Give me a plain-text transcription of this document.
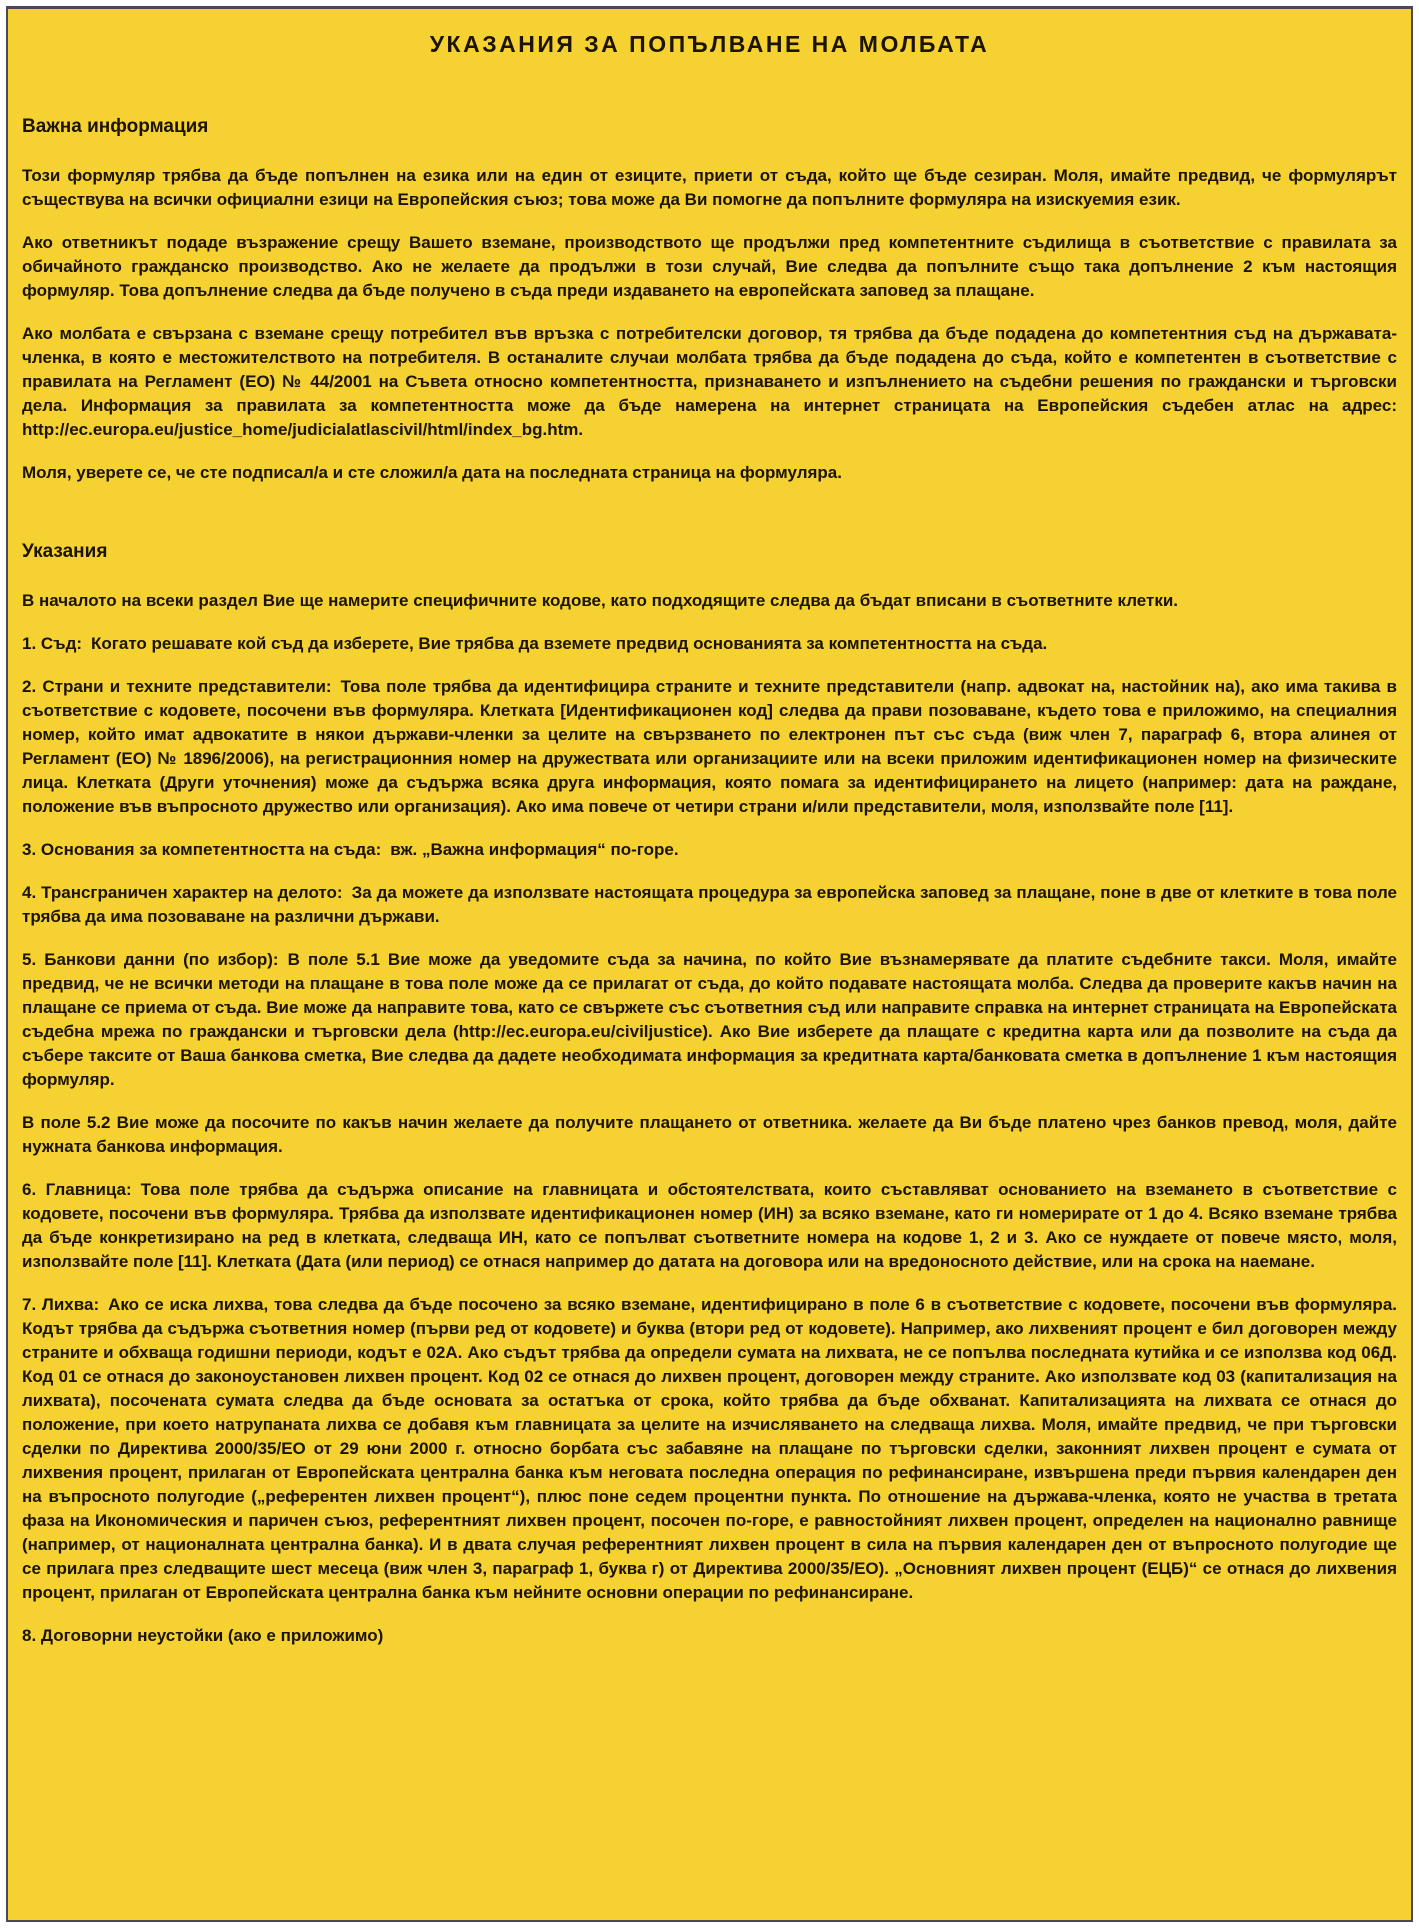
УКАЗАНИЯ ЗА ПОПЪЛВАНЕ НА МОЛБАТА
Важна информация

Този формуляр трябва да бъде попълнен на езика или на един от езиците, приети от съда, който ще бъде сезиран. Моля, имайте предвид, че формулярът съществува на всички официални езици на Европейския съюз; това може да Ви помогне да попълните формуляра на изискуемия език.

Ако ответникът подаде възражение срещу Вашето вземане, производството ще продължи пред компетентните съдилища в съответствие с правилата за обичайното гражданско производство. Ако не желаете да продължи в този случай, Вие следва да попълните също така допълнение 2 към настоящия формуляр. Това допълнение следва да бъде получено в съда преди издаването на европейската заповед за плащане.

Ако молбата е свързана с вземане срещу потребител във връзка с потребителски договор, тя трябва да бъде подадена до компетентния съд на държавата-членка, в която е местожителството на потребителя. В останалите случаи молбата трябва да бъде подадена до съда, който е компетентен в съответствие с правилата на Регламент (ЕО) № 44/2001 на Съвета относно компетентността, признаването и изпълнението на съдебни решения по граждански и търговски дела. Информация за правилата за компетентността може да бъде намерена на интернет страницата на Европейския съдебен атлас на адрес: http://ec.europa.eu/justice_home/judicialatlascivil/html/index_bg.htm.

Моля, уверете се, че сте подписал/а и сте сложил/а дата на последната страница на формуляра.

Указания

В началото на всеки раздел Вие ще намерите специфичните кодове, като подходящите следва да бъдат вписани в съответните клетки.

1. Съд: Когато решавате кой съд да изберете, Вие трябва да вземете предвид основанията за компетентността на съда.

2. Страни и техните представители: Това поле трябва да идентифицира страните и техните представители (напр. адвокат на, настойник на), ако има такива в съответствие с кодовете, посочени във формуляра. Клетката [Идентификационен код] следва да прави позоваване, където това е приложимо, на специалния номер, който имат адвокатите в някои държави-членки за целите на свързването по електронен път със съда (виж член 7, параграф 6, втора алинея от Регламент (ЕО) № 1896/2006), на регистрационния номер на дружествата или организациите или на всеки приложим идентификационен номер на физическите лица. Клетката (Други уточнения) може да съдържа всяка друга информация, която помага за идентифицирането на лицето (например: дата на раждане, положение във въпросното дружество или организация). Ако има повече от четири страни и/или представители, моля, използвайте поле [11].

3. Основания за компетентността на съда: вж. „Важна информация“ по-горе.

4. Трансграничен характер на делото: За да можете да използвате настоящата процедура за европейска заповед за плащане, поне в две от клетките в това поле трябва да има позоваване на различни държави.

5. Банкови данни (по избор): В поле 5.1 Вие може да уведомите съда за начина, по който Вие възнамерявате да платите съдебните такси. Моля, имайте предвид, че не всички методи на плащане в това поле може да се прилагат от съда, до който подавате настоящата молба. Следва да проверите какъв начин на плащане се приема от съда. Вие може да направите това, като се свържете със съответния съд или направите справка на интернет страницата на Европейската съдебна мрежа по граждански и търговски дела (http://ec.europa.eu/civiljustice). Ако Вие изберете да плащате с кредитна карта или да позволите на съда да събере таксите от Ваша банкова сметка, Вие следва да дадете необходимата информация за кредитната карта/банковата сметка в допълнение 1 към настоящия формуляр.

В поле 5.2 Вие може да посочите по какъв начин желаете да получите плащането от ответника. желаете да Ви бъде платено чрез банков превод, моля, дайте нужната банкова информация.

6. Главница: Това поле трябва да съдържа описание на главницата и обстоятелствата, които съставляват основанието на вземането в съответствие с кодовете, посочени във формуляра. Трябва да използвате идентификационен номер (ИН) за всяко вземане, като ги номерирате от 1 до 4. Всяко вземане трябва да бъде конкретизирано на ред в клетката, следваща ИН, като се попълват съответните номера на кодове 1, 2 и 3. Ако се нуждаете от повече място, моля, използвайте поле [11]. Клетката (Дата (или период) се отнася например до датата на договора или на вредоносното действие, или на срока на наемане.

7. Лихва: Ако се иска лихва, това следва да бъде посочено за всяко вземане, идентифицирано в поле 6 в съответствие с кодовете, посочени във формуляра. Кодът трябва да съдържа съответния номер (първи ред от кодовете) и буква (втори ред от кодовете). Например, ако лихвеният процент е бил договорен между страните и обхваща годишни периоди, кодът е 02А. Ако съдът трябва да определи сумата на лихвата, не се попълва последната кутийка и се използва код 06Д. Код 01 се отнася до законоустановен лихвен процент. Код 02 се отнася до лихвен процент, договорен между страните. Ако използвате код 03 (капитализация на лихвата), посочената сумата следва да бъде основата за остатъка от срока, който трябва да бъде обхванат. Капитализацията на лихвата се отнася до положение, при което натрупаната лихва се добавя към главницата за целите на изчисляването на следваща лихва. Моля, имайте предвид, че при търговски сделки по Директива 2000/35/ЕО от 29 юни 2000 г. относно борбата със забавяне на плащане по търговски сделки, законният лихвен процент е сумата от лихвения процент, прилаган от Европейската централна банка към неговата последна операция по рефинансиране, извършена преди първия календарен ден на въпросното полугодие („референтен лихвен процент“), плюс поне седем процентни пункта. По отношение на държава-членка, която не участва в третата фаза на Икономическия и паричен съюз, референтният лихвен процент, посочен по-горе, е равностойният лихвен процент, определен на национално равнище (например, от националната централна банка). И в двата случая референтният лихвен процент в сила на първия календарен ден от въпросното полугодие ще се прилага през следващите шест месеца (виж член 3, параграф 1, буква г) от Директива 2000/35/ЕО). „Основният лихвен процент (ЕЦБ)“ се отнася до лихвения процент, прилаган от Европейската централна банка към нейните основни операции по рефинансиране.

8. Договорни неустойки (ако е приложимо)
